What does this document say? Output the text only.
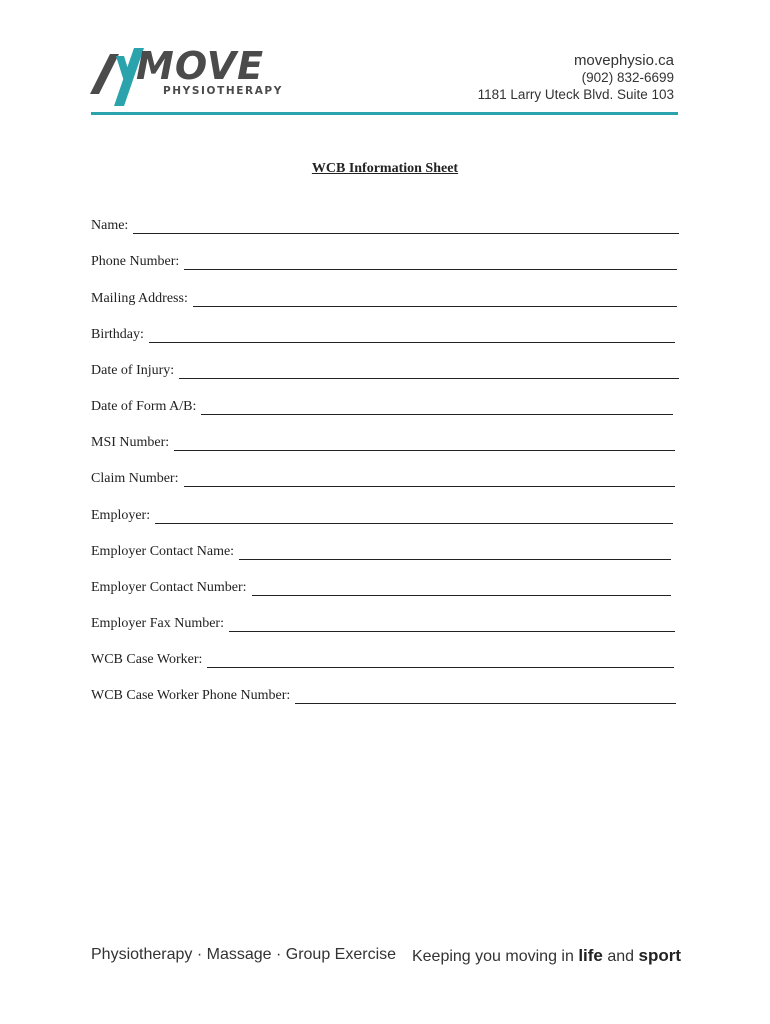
MOVE
PHYSIOTHERAPY
movephysio.ca
(902) 832-6699
1181 Larry Uteck Blvd. Suite 103
WCB Information Sheet
Name:
Phone Number:
Mailing Address:
Birthday:
Date of Injury:
Date of Form A/B:
MSI Number:
Claim Number:
Employer:
Employer Contact Name:
Employer Contact Number:
Employer Fax Number:
WCB Case Worker:
WCB Case Worker Phone Number:
Physiotherapy · Massage · Group Exercise Keeping you moving in life and sport
